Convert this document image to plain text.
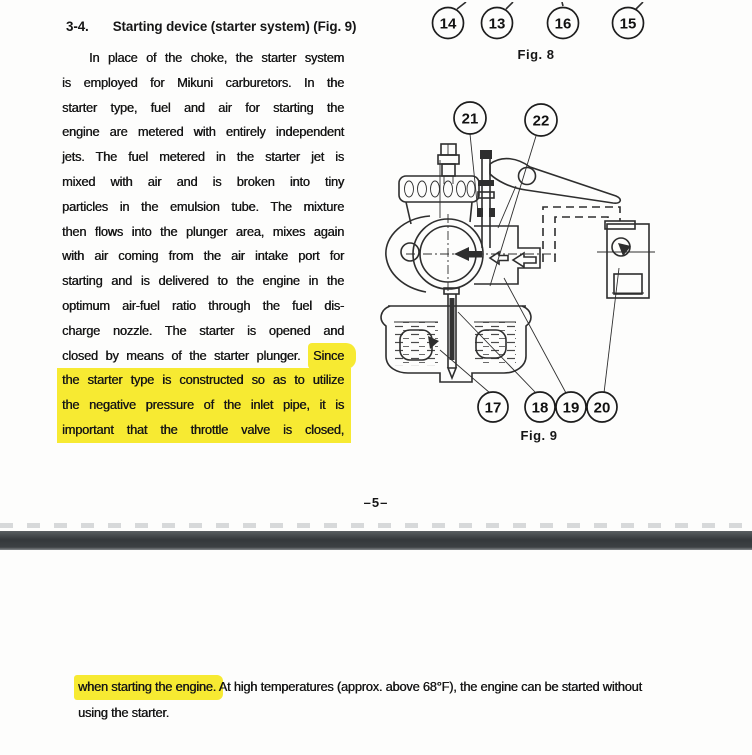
3-4. Starting device (starter system) (Fig. 9)
In place of the choke, the starter system
is employed for Mikuni carburetors. In the
starter type, fuel and air for starting the
engine are metered with entirely independent
jets. The fuel metered in the starter jet is
mixed with air and is broken into tiny
particles in the emulsion tube. The mixture
then flows into the plunger area, mixes again
with air coming from the air intake port for
starting and is delivered to the engine in the
optimum air-fuel ratio through the fuel dis-
charge nozzle. The starter is opened and
closed by means of the starter plunger. Since
the starter type is constructed so as to utilize
the negative pressure of the inlet pipe, it is
important that the throttle valve is closed,
14 13	16	15
Fig. 8
21	22
17 18 19 20
Fig. 9
–5–
when starting the engine. At high temperatures (approx. above 68°F), the engine can be started without
using the starter.
